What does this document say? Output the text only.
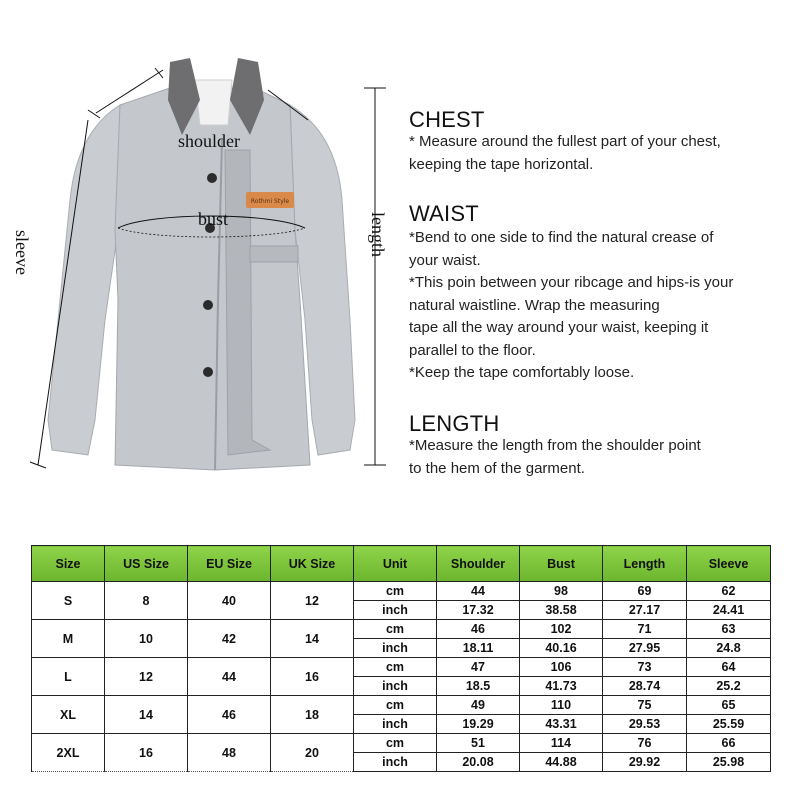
Rothmi Style
shoulder
bust
sleeve	length
CHEST
* Measure around the fullest part of your chest,
keeping the tape horizontal.
WAIST
*Bend to one side to find the natural crease of
your waist.
*This poin between your ribcage and hips-is your
natural waistline. Wrap the measuring
tape all the way around your waist, keeping it
parallel to the floor.
*Keep the tape comfortably loose.
LENGTH
*Measure the length from the shoulder point
to the hem of the garment.
Size	US Size	EU Size	UK Size	Unit	Shoulder	Bust	Length	Sleeve
S	8	40	12	cm	44	98	69	62
				inch	17.32	38.58	27.17	24.41
M	10	42	14	cm	46	102	71	63
				inch	18.11	40.16	27.95	24.8
L	12	44	16	cm	47	106	73	64
				inch	18.5	41.73	28.74	25.2
XL	14	46	18	cm	49	110	75	65
				inch	19.29	43.31	29.53	25.59
2XL	16	48	20	cm	51	114	76	66
				inch	20.08	44.88	29.92	25.98
